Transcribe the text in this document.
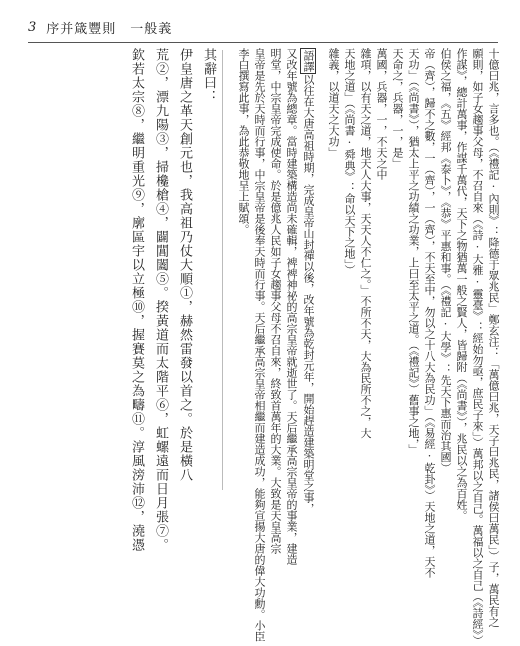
3 序并箴豐則　一般義
十億曰兆，言多也。（《禮記·內則》：降德于眾兆民」鄭玄注：「萬億曰兆，天子曰兆民，諸侯曰萬民」）子，萬民有之
願則，如子女趨事父母，不召自來（《詩·大雅·靈臺》：經始勿亟，庶民子來」）萬邦以之自己。萬福以之自己（《詩經》）
作謀》，總計萬事，作謀千萬代，天下之物猶萬一般之賢人，皆歸附（《尚書》），兆民以之為百姓。
伯侯之福，《五》經邦《泰卜》，《恭》平惠和事。（《禮記·大學》：先天下惠而治其國）
帝（齊），歸不之數，一（齊），一（齊），不天至中，勿以之十八大為民功」（《易經·乾卦》）天地之道，天不
天功」（《尚書》），猶太上平之功績之功業，上曰至太平之道。（《禮記》）舊事之地，」
天命之，兵器，一，是」
萬國，兵器，一，不天之中
雜項，以有天之道，地天人大事，天天人不仁之。」不所不天，大為民所不之，大
天地之道」（《尚書·舜典》：命以天下之地」）
雜義，以道天之大功」
語譯以往在大唐高祖時期，完成皇帝山封禪以後，改年號為乾封元年，開始趕造建築明堂之事，
又改年號為總章。當時建築構造尚未確輯，裨裨神祕的高宗皇帝就逝世了。天后繼承高宗皇帝的事業，建造
明堂，中宗皇帝完成使命。於是億兆人民如子女趨事父母不召自來，終致首萬年的大業。大致是天皇高宗
皇帝是先於天時而行事，中宗皇帝是後奉天時而行事。天后繼承高宗皇帝相繼而建造成功，能夠宣揚大唐的偉大功勳。小臣
李白撰寫此事，為此恭敬地呈上賦頌。
其辭曰：
伊皇唐之革天創元也，我高祖乃仗大順①，赫然雷發以首之。於是橫八
荒②，漂九陽③，掃欃槍④，闢閶闔⑤。揆黃道而太階平⑥，虹螺遠而日月張⑦。
欽若太宗⑧，繼明重光⑨，廓區宇以立極⑩，握賽莫之為疇⑪。淳風滂沛⑫，澆憑
